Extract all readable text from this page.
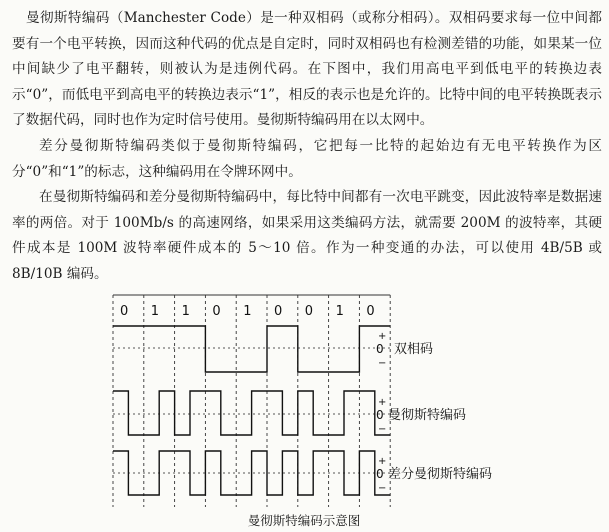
曼彻斯特编码（Manchester Code）是一种双相码（或称分相码）。双相码要求每一位中间都要有一个电平转换，因而这种代码的优点是自定时，同时双相码也有检测差错的功能，如果某一位中间缺少了电平翻转，则被认为是违例代码。在下图中，我们用高电平到低电平的转换边表示“0”，而低电平到高电平的转换边表示“1”，相反的表示也是允许的。比特中间的电平转换既表示了数据代码，同时也作为定时信号使用。曼彻斯特编码用在以太网中。

差分曼彻斯特编码类似于曼彻斯特编码，它把每一比特的起始边有无电平转换作为区分“0”和“1”的标志，这种编码用在令牌环网中。

在曼彻斯特编码和差分曼彻斯特编码中，每比特中间都有一次电平跳变，因此波特率是数据速率的两倍。对于 100Mb/s 的高速网络，如果采用这类编码方法，就需要 200M 的波特率，其硬件成本是 100M 波特率硬件成本的 5～10 倍。作为一种变通的办法，可以使用 4B/5B 或 8B/10B 编码。

0 1 1 0 1 0 0 1 0
+
0
−
双相码
+
0
−
曼彻斯特编码
+
0
−
差分曼彻斯特编码
曼彻斯特编码示意图
